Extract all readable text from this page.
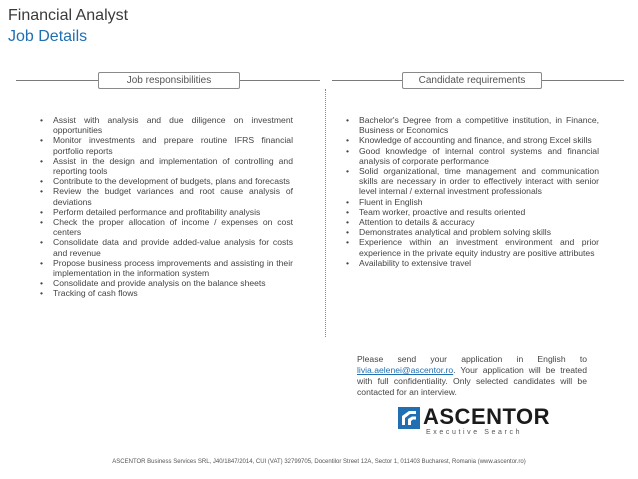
Financial Analyst
Job Details
Job responsibilities	Candidate requirements
• Assist with analysis and due diligence on investment opportunities
• Monitor investments and prepare routine IFRS financial portfolio reports
• Assist in the design and implementation of controlling and reporting tools
• Contribute to the development of budgets, plans and forecasts
• Review the budget variances and root cause analysis of deviations
• Perform detailed performance and profitability analysis
• Check the proper allocation of income / expenses on cost centers
• Consolidate data and provide added-value analysis for costs and revenue
• Propose business process improvements and assisting in their implementation in the information system
• Consolidate and provide analysis on the balance sheets
• Tracking of cash flows
• Bachelor's Degree from a competitive institution, in Finance, Business or Economics
• Knowledge of accounting and finance, and strong Excel skills
• Good knowledge of internal control systems and financial analysis of corporate performance
• Solid organizational, time management and communication skills are necessary in order to effectively interact with senior level internal / external investment professionals
• Fluent in English
• Team worker, proactive and results oriented
• Attention to details & accuracy
• Demonstrates analytical and problem solving skills
• Experience within an investment environment and prior experience in the private equity industry are positive attributes
• Availability to extensive travel
Please send your application in English to livia.aelenei@ascentor.ro. Your application will be treated with full confidentiality. Only selected candidates will be contacted for an interview.
ASCENTOR
Executive Search
ASCENTOR Business Services SRL, J40/1847/2014, CUI (VAT) 32799705, Docentilor Street 12A, Sector 1, 011403 Bucharest, Romania (www.ascentor.ro)
